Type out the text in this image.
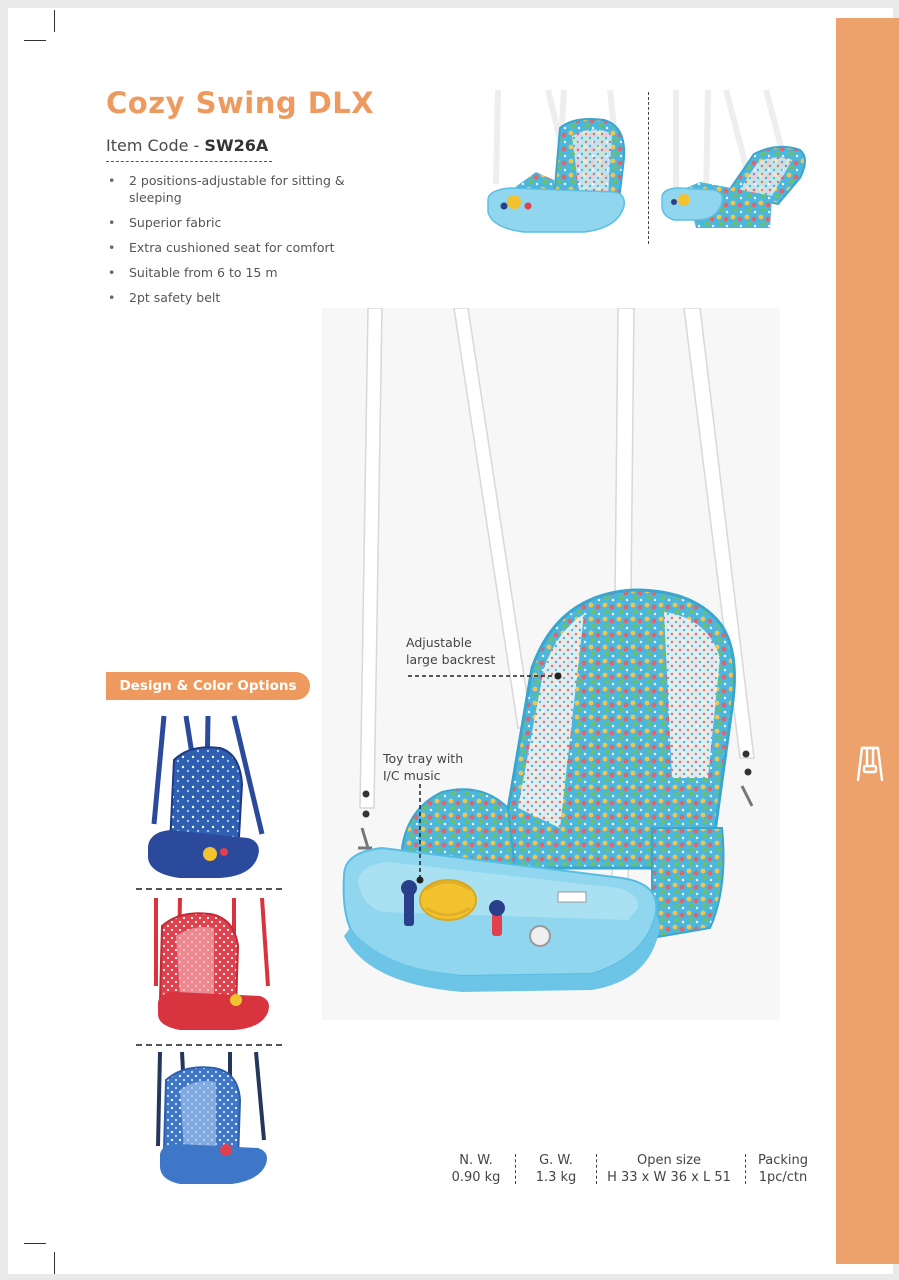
Cozy Swing DLX
Item Code - SW26A
• 2 positions-adjustable for sitting & sleeping
• Superior fabric
• Extra cushioned seat for comfort
• Suitable from 6 to 15 m
• 2pt safety belt
Adjustable
large backrest
Toy tray with
I/C music
Design & Color Options
N. W.
0.90 kg
G. W.
1.3 kg
Open size
H 33 x W 36 x L 51
Packing
1pc/ctn
